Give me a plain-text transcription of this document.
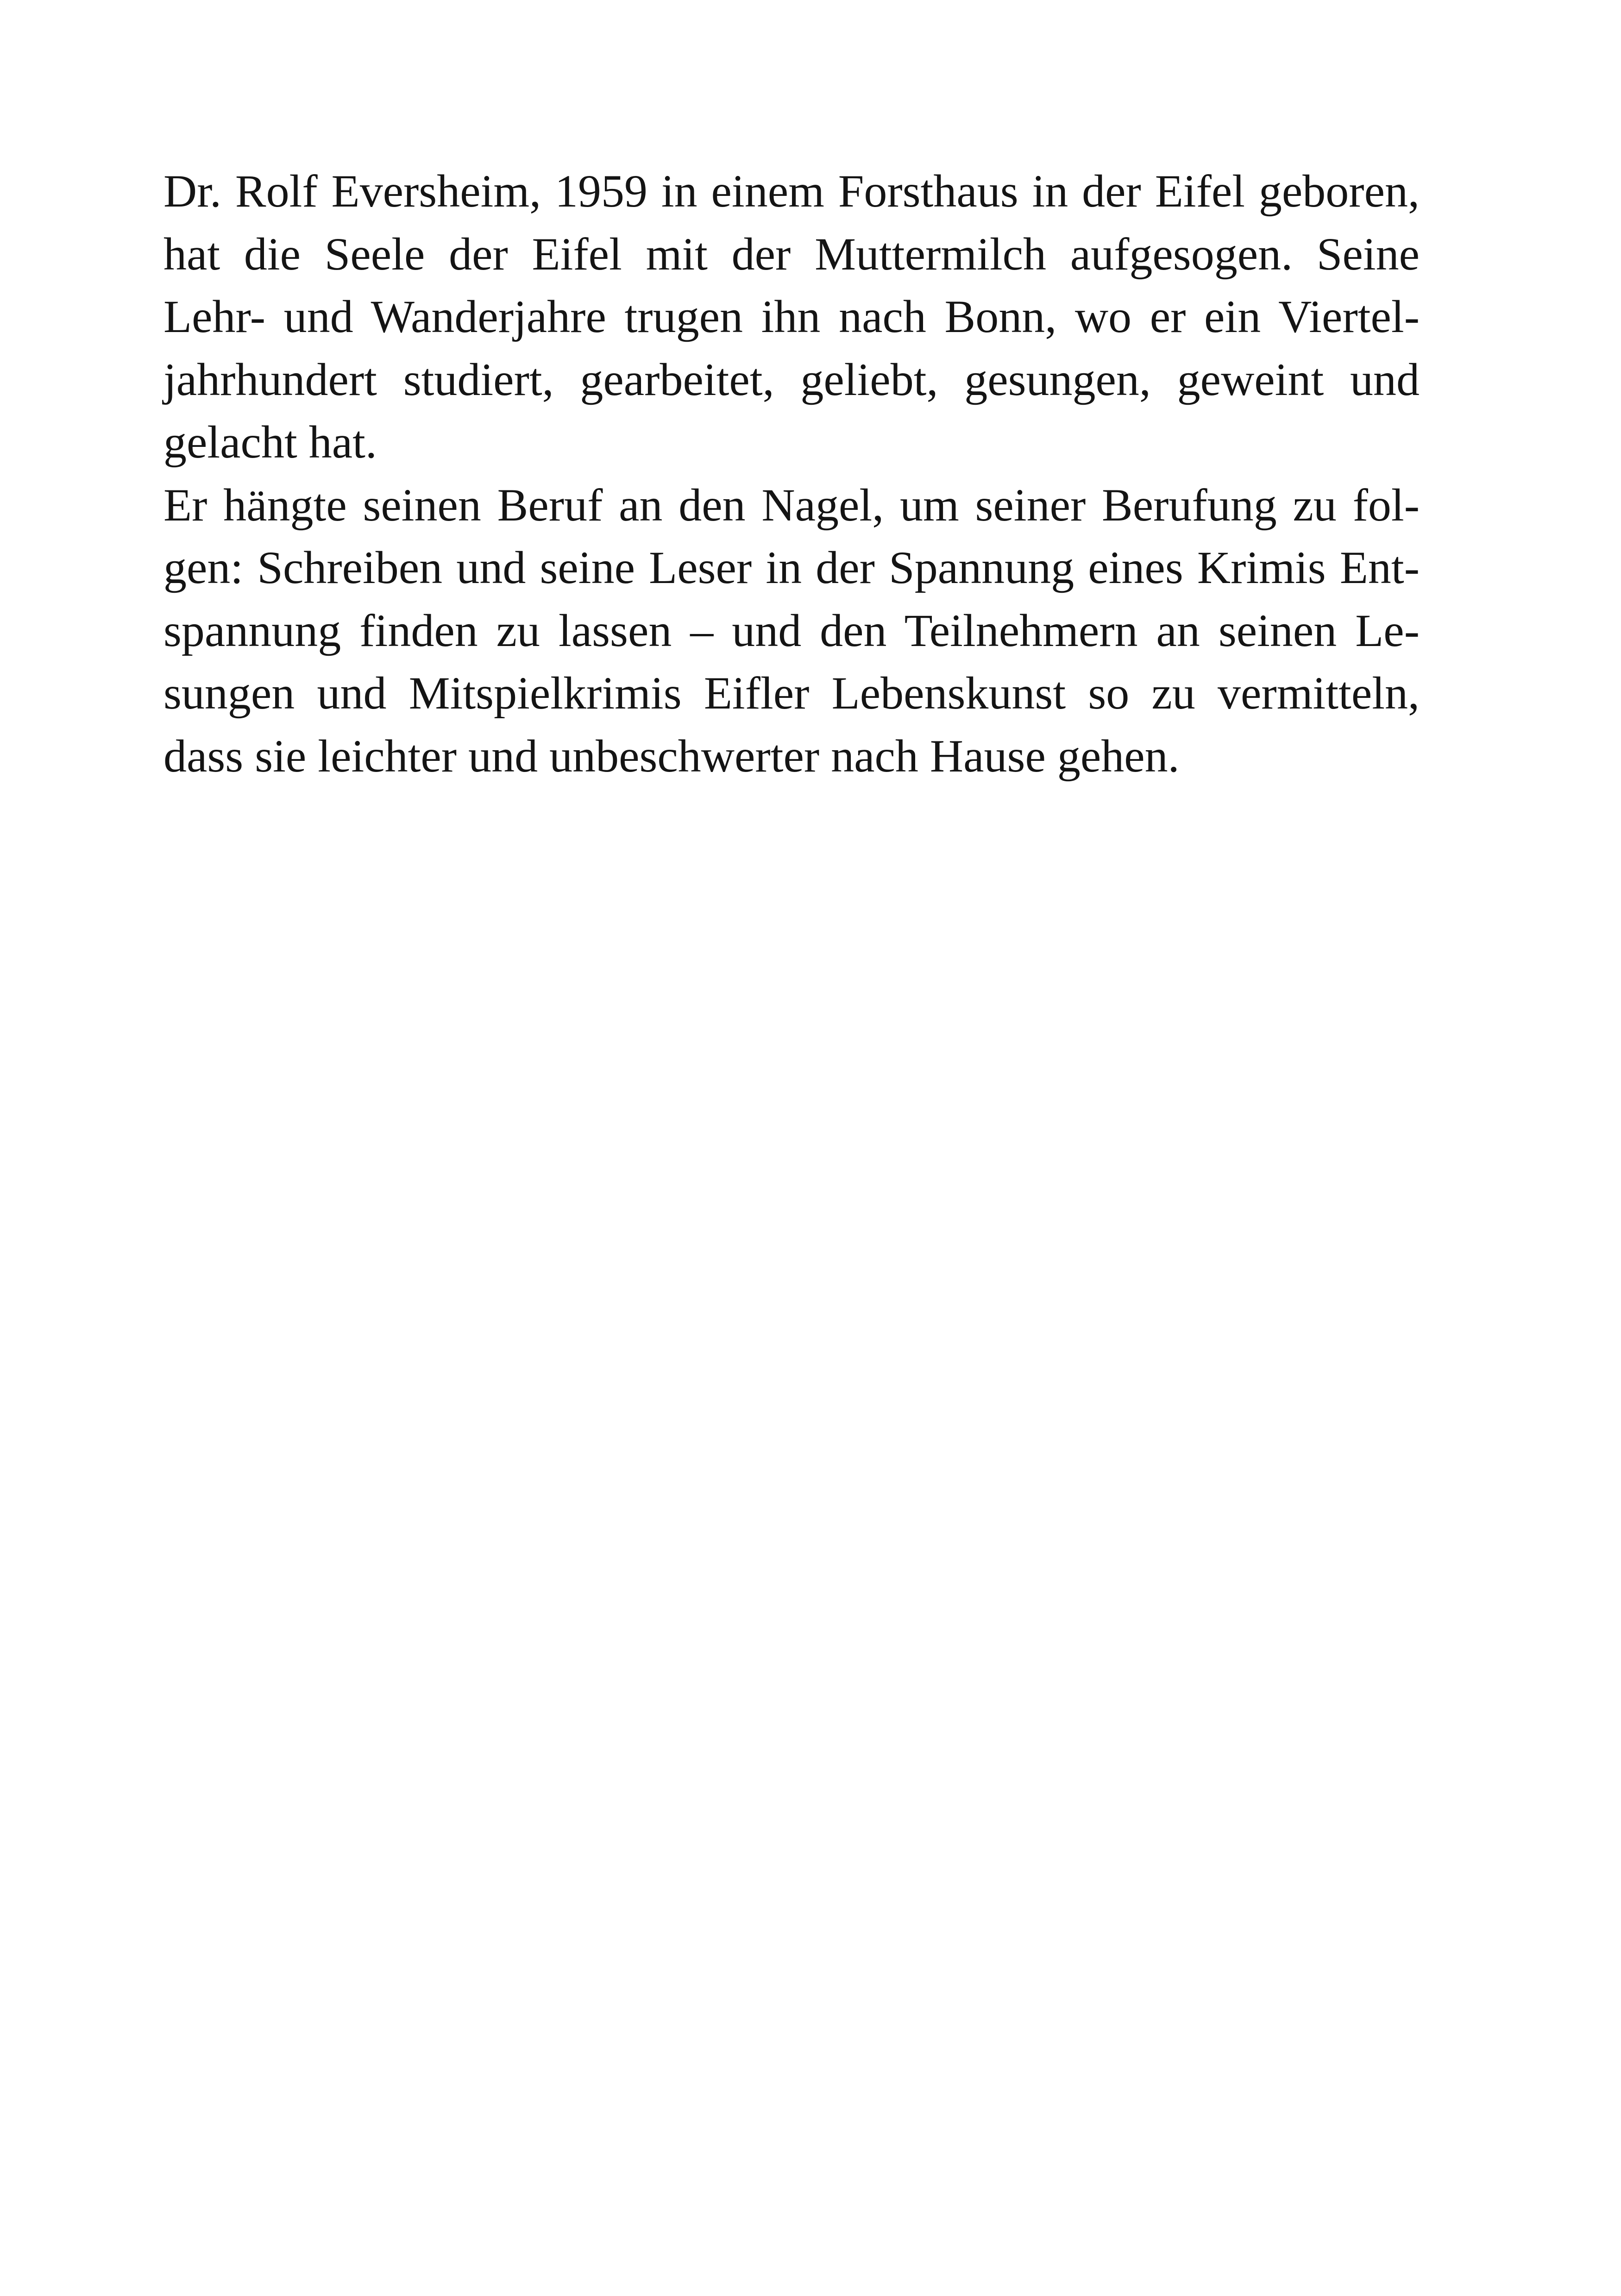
Dr. Rolf Eversheim, 1959 in einem Forsthaus in der Eifel geboren,
hat die Seele der Eifel mit der Muttermilch aufgesogen. Seine
Lehr- und Wanderjahre trugen ihn nach Bonn, wo er ein Viertel-
jahrhundert studiert, gearbeitet, geliebt, gesungen, geweint und
gelacht hat.
Er hängte seinen Beruf an den Nagel, um seiner Berufung zu fol-
gen: Schreiben und seine Leser in der Spannung eines Krimis Ent-
spannung finden zu lassen – und den Teilnehmern an seinen Le-
sungen und Mitspielkrimis Eifler Lebenskunst so zu vermitteln,
dass sie leichter und unbeschwerter nach Hause gehen.
